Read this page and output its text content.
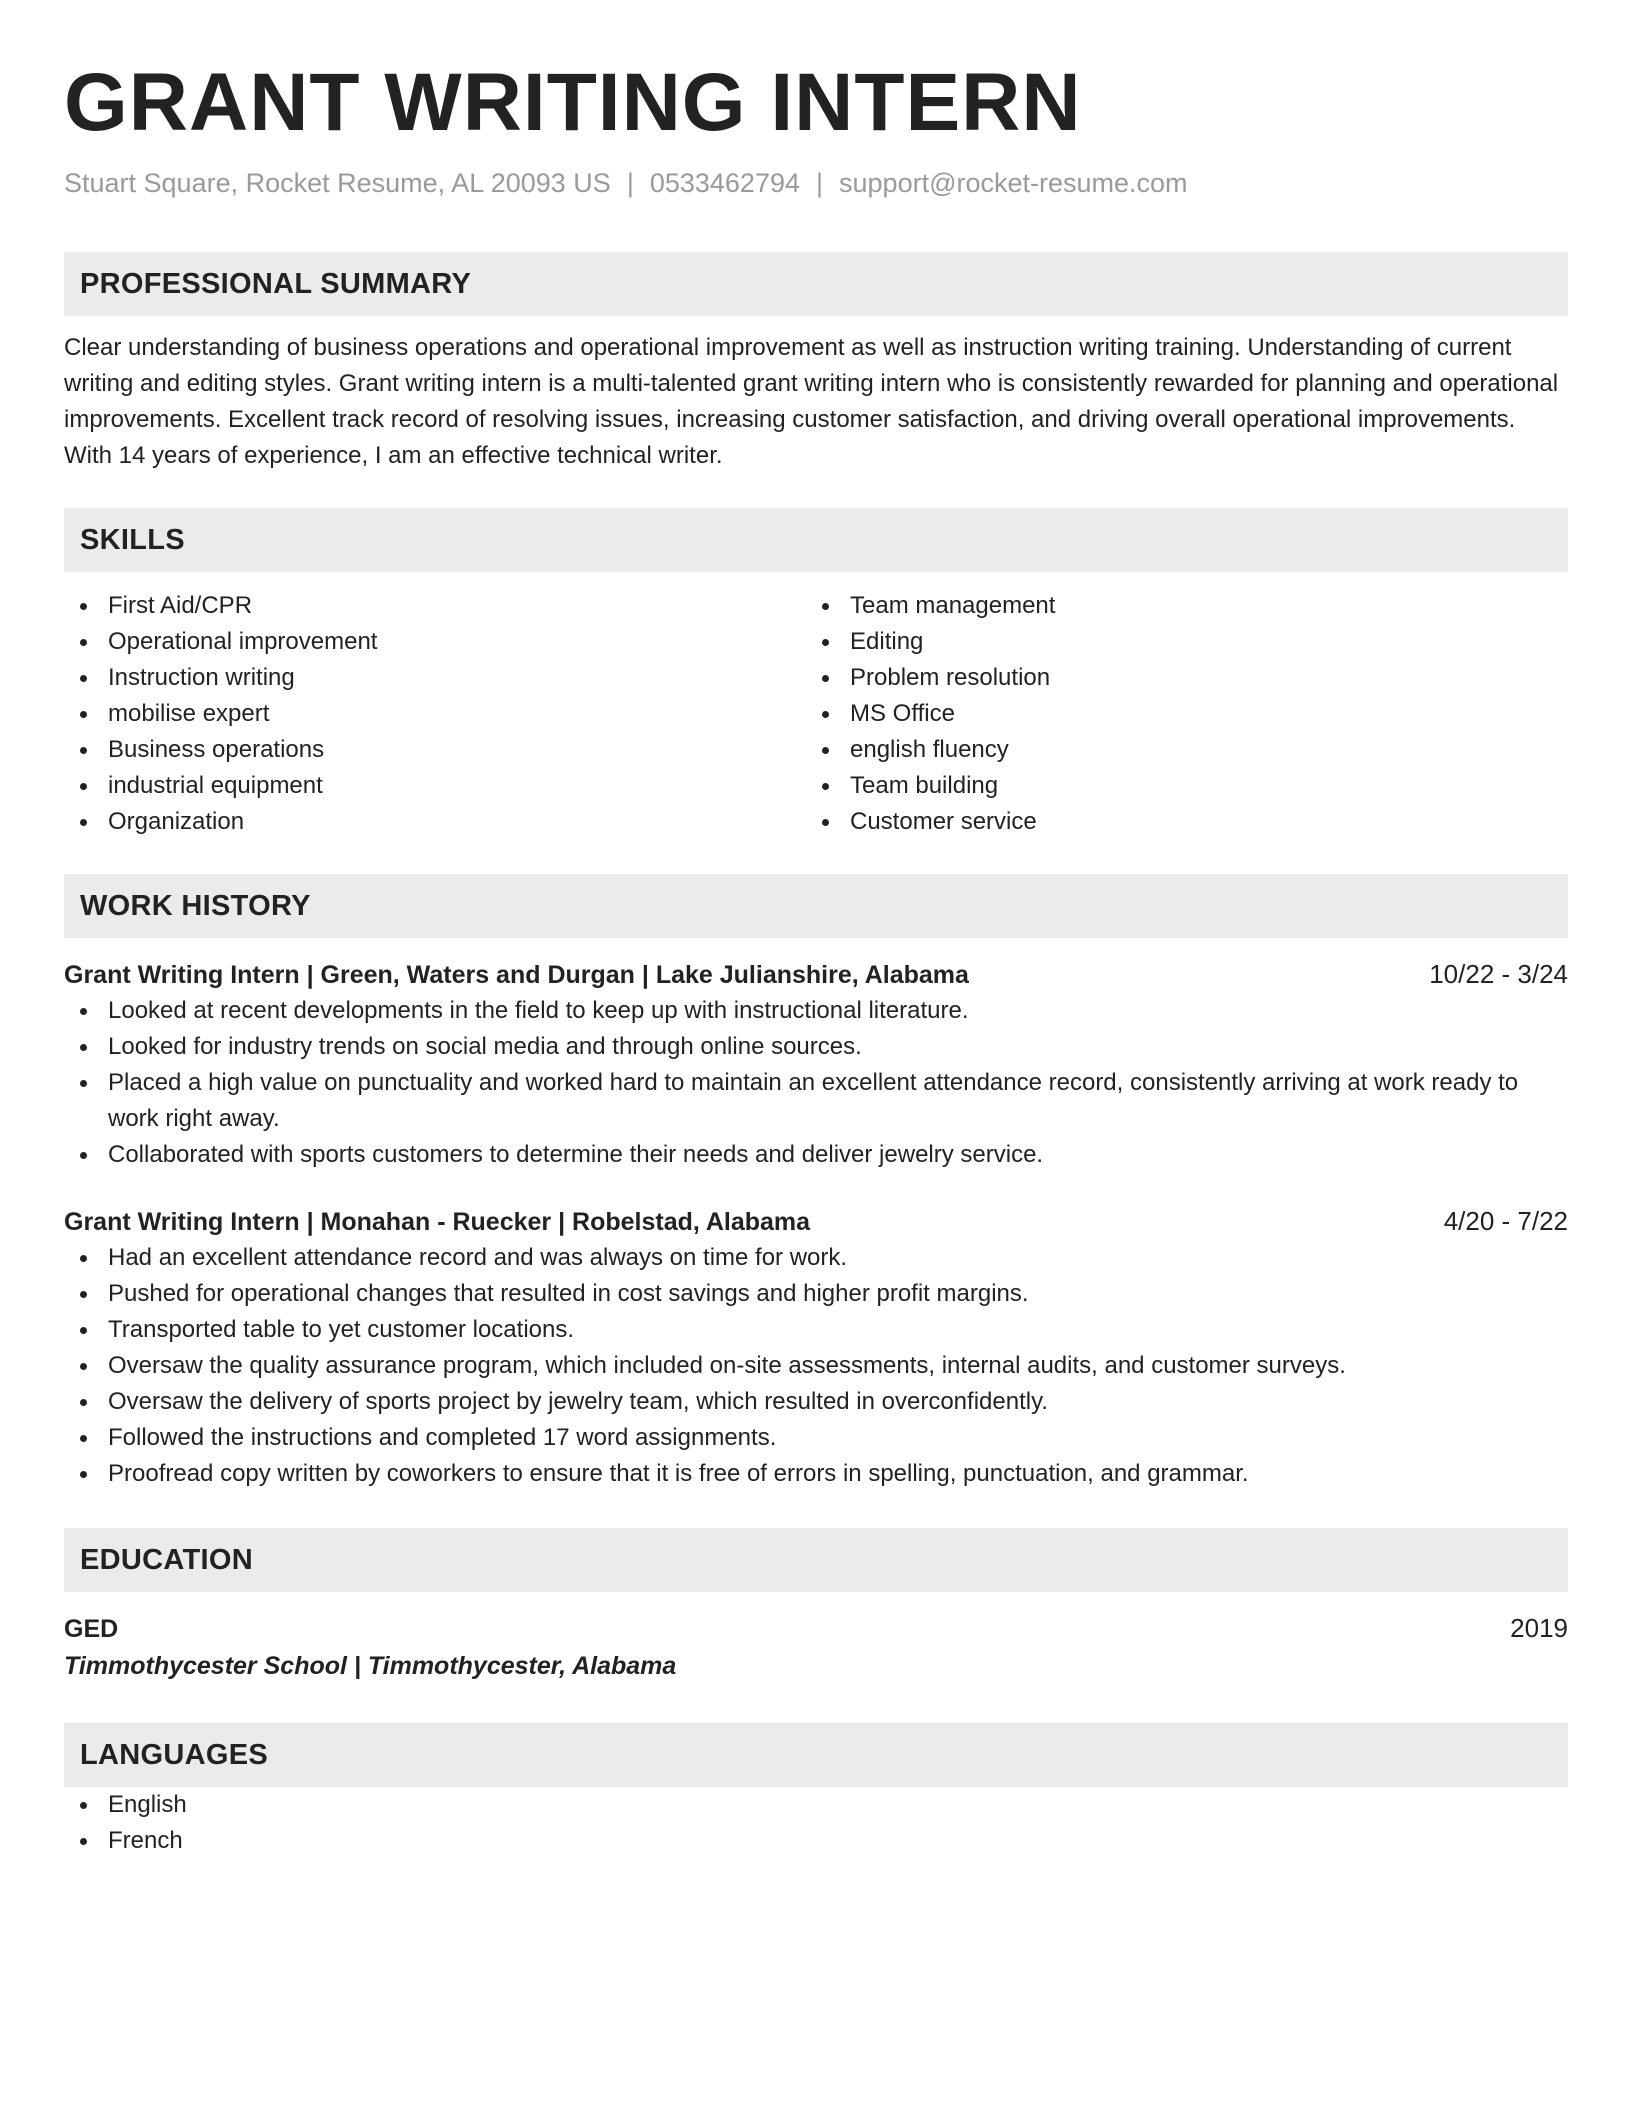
GRANT WRITING INTERN
Stuart Square, Rocket Resume, AL 20093 US | 0533462794 | support@rocket-resume.com
PROFESSIONAL SUMMARY
Clear understanding of business operations and operational improvement as well as instruction writing training. Understanding of current writing and editing styles. Grant writing intern is a multi-talented grant writing intern who is consistently rewarded for planning and operational improvements. Excellent track record of resolving issues, increasing customer satisfaction, and driving overall operational improvements. With 14 years of experience, I am an effective technical writer.
SKILLS
First Aid/CPR
Operational improvement
Instruction writing
mobilise expert
Business operations
industrial equipment
Organization
Team management
Editing
Problem resolution
MS Office
english fluency
Team building
Customer service
WORK HISTORY
Grant Writing Intern | Green, Waters and Durgan | Lake Julianshire, Alabama	10/22 - 3/24
Looked at recent developments in the field to keep up with instructional literature.
Looked for industry trends on social media and through online sources.
Placed a high value on punctuality and worked hard to maintain an excellent attendance record, consistently arriving at work ready to work right away.
Collaborated with sports customers to determine their needs and deliver jewelry service.
Grant Writing Intern | Monahan - Ruecker | Robelstad, Alabama	4/20 - 7/22
Had an excellent attendance record and was always on time for work.
Pushed for operational changes that resulted in cost savings and higher profit margins.
Transported table to yet customer locations.
Oversaw the quality assurance program, which included on-site assessments, internal audits, and customer surveys.
Oversaw the delivery of sports project by jewelry team, which resulted in overconfidently.
Followed the instructions and completed 17 word assignments.
Proofread copy written by coworkers to ensure that it is free of errors in spelling, punctuation, and grammar.
EDUCATION
GED	2019
Timmothycester School | Timmothycester, Alabama
LANGUAGES
English
French
